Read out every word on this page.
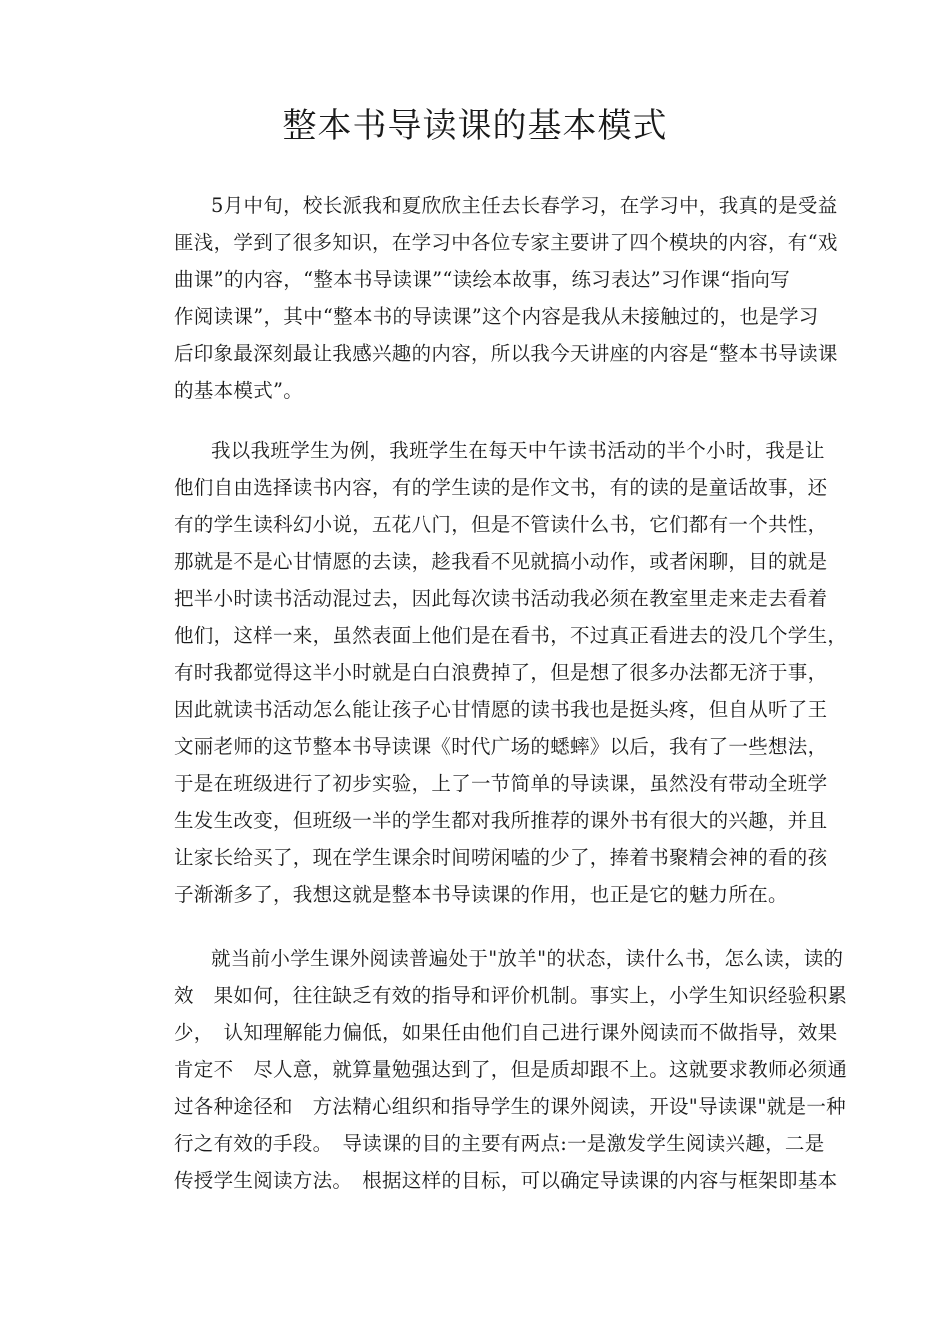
整本书导读课的基本模式
5月中旬，校长派我和夏欣欣主任去长春学习，在学习中，我真的是受益
匪浅，学到了很多知识，在学习中各位专家主要讲了四个模块的内容，有“戏
曲课”的内容，“整本书导读课”“读绘本故事，练习表达”习作课“指向写
作阅读课”，其中“整本书的导读课”这个内容是我从未接触过的，也是学习
后印象最深刻最让我感兴趣的内容，所以我今天讲座的内容是“整本书导读课
的基本模式”。
我以我班学生为例，我班学生在每天中午读书活动的半个小时，我是让
他们自由选择读书内容，有的学生读的是作文书，有的读的是童话故事，还
有的学生读科幻小说，五花八门，但是不管读什么书，它们都有一个共性，
那就是不是心甘情愿的去读，趁我看不见就搞小动作，或者闲聊，目的就是
把半小时读书活动混过去，因此每次读书活动我必须在教室里走来走去看着
他们，这样一来，虽然表面上他们是在看书，不过真正看进去的没几个学生，
有时我都觉得这半小时就是白白浪费掉了，但是想了很多办法都无济于事，
因此就读书活动怎么能让孩子心甘情愿的读书我也是挺头疼，但自从听了王
文丽老师的这节整本书导读课《时代广场的蟋蟀》以后，我有了一些想法，
于是在班级进行了初步实验，上了一节简单的导读课，虽然没有带动全班学
生发生改变，但班级一半的学生都对我所推荐的课外书有很大的兴趣，并且
让家长给买了，现在学生课余时间唠闲嗑的少了，捧着书聚精会神的看的孩
子渐渐多了，我想这就是整本书导读课的作用，也正是它的魅力所在。
就当前小学生课外阅读普遍处于"放羊"的状态，读什么书，怎么读，读的
效　果如何，往往缺乏有效的指导和评价机制。事实上，小学生知识经验积累
少，　认知理解能力偏低，如果任由他们自己进行课外阅读而不做指导，效果
肯定不　尽人意，就算量勉强达到了，但是质却跟不上。这就要求教师必须通
过各种途径和　方法精心组织和指导学生的课外阅读，开设"导读课"就是一种
行之有效的手段。　导读课的目的主要有两点:一是激发学生阅读兴趣，二是
传授学生阅读方法。　根据这样的目标，可以确定导读课的内容与框架即基本
